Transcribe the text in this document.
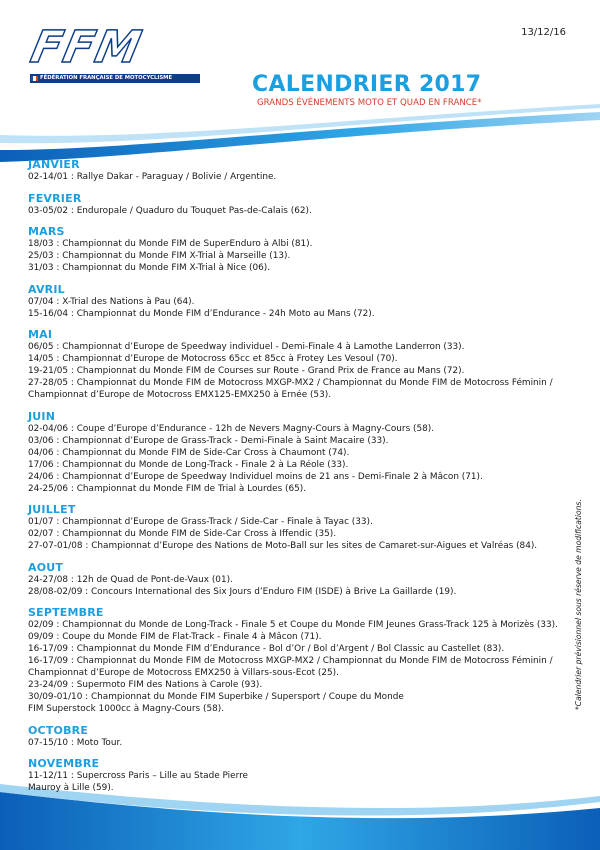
FFM
FÉDÉRATION FRANÇAISE DE MOTOCYCLISME
13/12/16
CALENDRIER 2017
GRANDS ÉVÉNEMENTS MOTO ET QUAD EN FRANCE*
JANVIER
02-14/01 : Rallye Dakar - Paraguay / Bolivie / Argentine.
FEVRIER
03-05/02 : Enduropale / Quaduro du Touquet Pas-de-Calais (62).
MARS
18/03 : Championnat du Monde FIM de SuperEnduro à Albi (81).
25/03 : Championnat du Monde FIM X-Trial à Marseille (13).
31/03 : Championnat du Monde FIM X-Trial à Nice (06).
AVRIL
07/04 : X-Trial des Nations à Pau (64).
15-16/04 : Championnat du Monde FIM d’Endurance - 24h Moto au Mans (72).
MAI
06/05 : Championnat d’Europe de Speedway individuel - Demi-Finale 4 à Lamothe Landerron (33).
14/05 : Championnat d’Europe de Motocross 65cc et 85cc à Frotey Les Vesoul (70).
19-21/05 : Championnat du Monde FIM de Courses sur Route - Grand Prix de France au Mans (72).
27-28/05 : Championnat du Monde FIM de Motocross MXGP-MX2 / Championnat du Monde FIM de Motocross Féminin /
Championnat d’Europe de Motocross EMX125-EMX250 à Ernée (53).
JUIN
02-04/06 : Coupe d’Europe d’Endurance - 12h de Nevers Magny-Cours à Magny-Cours (58).
03/06 : Championnat d’Europe de Grass-Track - Demi-Finale à Saint Macaire (33).
04/06 : Championnat du Monde FIM de Side-Car Cross à Chaumont (74).
17/06 : Championnat du Monde de Long-Track - Finale 2 à La Réole (33).
24/06 : Championnat d’Europe de Speedway Individuel moins de 21 ans - Demi-Finale 2 à Mâcon (71).
24-25/06 : Championnat du Monde FIM de Trial à Lourdes (65).
JUILLET
01/07 : Championnat d’Europe de Grass-Track / Side-Car - Finale à Tayac (33).
02/07 : Championnat du Monde FIM de Side-Car Cross à Iffendic (35).
27-07-01/08 : Championnat d’Europe des Nations de Moto-Ball sur les sites de Camaret-sur-Aigues et Valréas (84).
AOUT
24-27/08 : 12h de Quad de Pont-de-Vaux (01).
28/08-02/09 : Concours International des Six Jours d’Enduro FIM (ISDE) à Brive La Gaillarde (19).
SEPTEMBRE
02/09 : Championnat du Monde de Long-Track - Finale 5 et Coupe du Monde FIM Jeunes Grass-Track 125 à Morizès (33).
09/09 : Coupe du Monde FIM de Flat-Track - Finale 4 à Mâcon (71).
16-17/09 : Championnat du Monde FIM d’Endurance - Bol d’Or / Bol d’Argent / Bol Classic au Castellet (83).
16-17/09 : Championnat du Monde FIM de Motocross MXGP-MX2 / Championnat du Monde FIM de Motocross Féminin /
Championnat d’Europe de Motocross EMX250 à Villars-sous-Ecot (25).
23-24/09 : Supermoto FIM des Nations à Carole (93).
30/09-01/10 : Championnat du Monde FIM Superbike / Supersport / Coupe du Monde
FIM Superstock 1000cc à Magny-Cours (58).
OCTOBRE
07-15/10 : Moto Tour.
NOVEMBRE
11-12/11 : Supercross Paris – Lille au Stade Pierre
Mauroy à Lille (59).
*Calendrier prévisionnel sous réserve de modifications.
